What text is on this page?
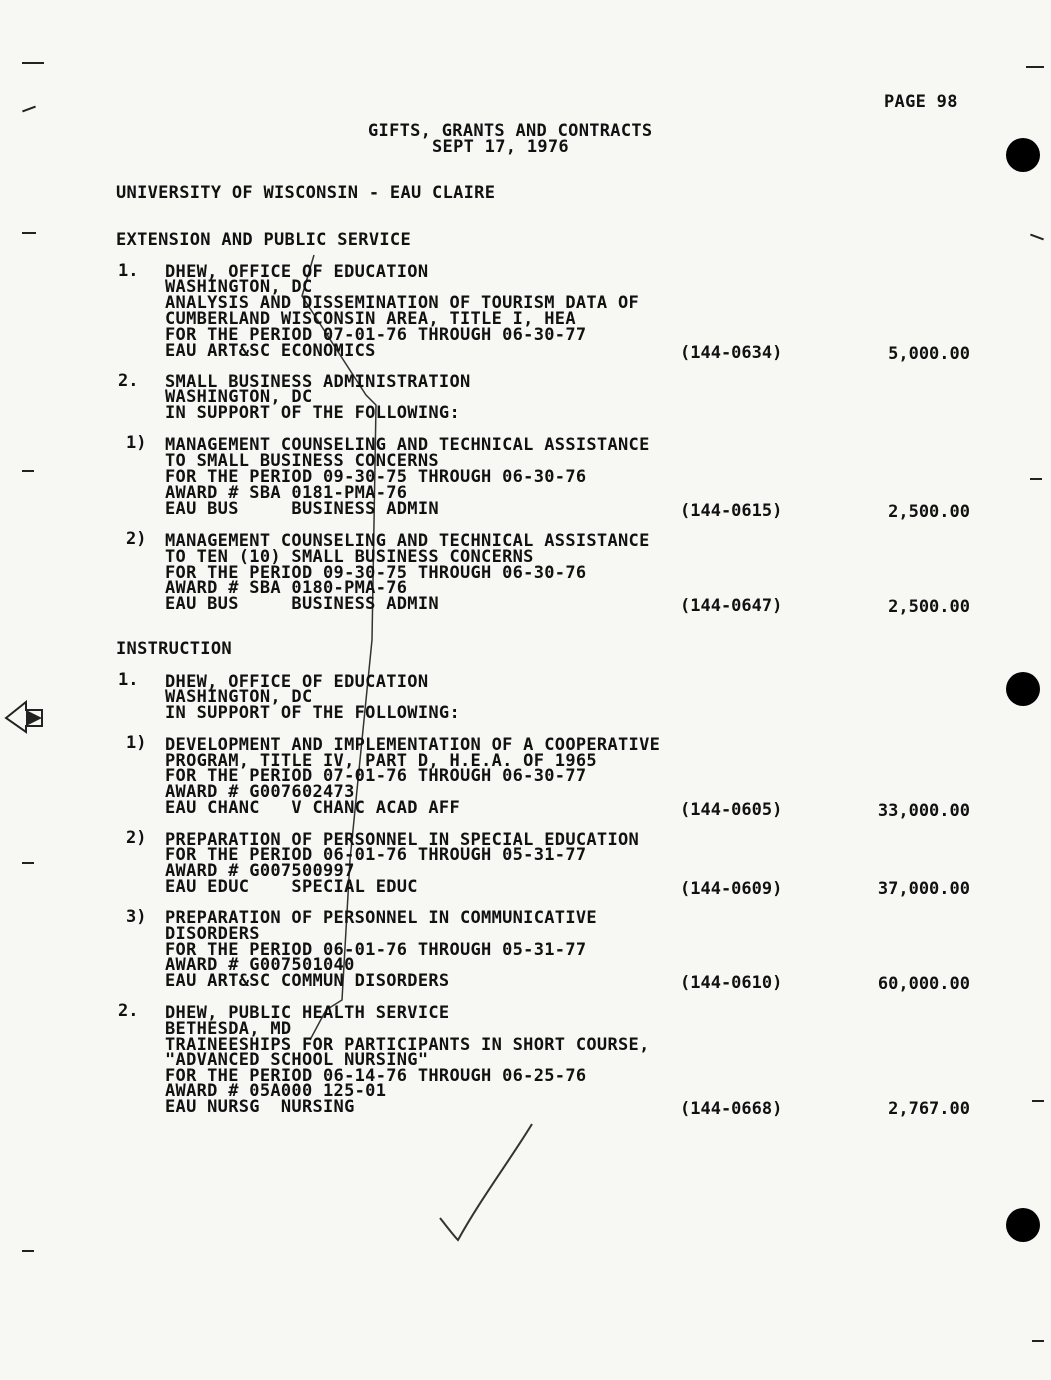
PAGE 98
GIFTS, GRANTS AND CONTRACTS
SEPT 17, 1976
UNIVERSITY OF WISCONSIN - EAU CLAIRE
EXTENSION AND PUBLIC SERVICE
1. DHEW, OFFICE OF EDUCATION
WASHINGTON, DC
ANALYSIS AND DISSEMINATION OF TOURISM DATA OF
CUMBERLAND WISCONSIN AREA, TITLE I, HEA
FOR THE PERIOD 07-01-76 THROUGH 06-30-77
EAU ART&SC ECONOMICS	(144-0634)	5,000.00
2. SMALL BUSINESS ADMINISTRATION
WASHINGTON, DC
IN SUPPORT OF THE FOLLOWING:
1) MANAGEMENT COUNSELING AND TECHNICAL ASSISTANCE
TO SMALL BUSINESS CONCERNS
FOR THE PERIOD 09-30-75 THROUGH 06-30-76
AWARD # SBA 0181-PMA-76
EAU BUS     BUSINESS ADMIN	(144-0615)	2,500.00
2) MANAGEMENT COUNSELING AND TECHNICAL ASSISTANCE
TO TEN (10) SMALL BUSINESS CONCERNS
FOR THE PERIOD 09-30-75 THROUGH 06-30-76
AWARD # SBA 0180-PMA-76
EAU BUS     BUSINESS ADMIN	(144-0647)	2,500.00
INSTRUCTION
1. DHEW, OFFICE OF EDUCATION
WASHINGTON, DC
IN SUPPORT OF THE FOLLOWING:
1) DEVELOPMENT AND IMPLEMENTATION OF A COOPERATIVE
PROGRAM, TITLE IV, PART D, H.E.A. OF 1965
FOR THE PERIOD 07-01-76 THROUGH 06-30-77
AWARD # G007602473
EAU CHANC   V CHANC ACAD AFF	(144-0605)	33,000.00
2) PREPARATION OF PERSONNEL IN SPECIAL EDUCATION
FOR THE PERIOD 06-01-76 THROUGH 05-31-77
AWARD # G007500997
EAU EDUC    SPECIAL EDUC	(144-0609)	37,000.00
3) PREPARATION OF PERSONNEL IN COMMUNICATIVE
DISORDERS
FOR THE PERIOD 06-01-76 THROUGH 05-31-77
AWARD # G007501040
EAU ART&SC COMMUN DISORDERS	(144-0610)	60,000.00
2. DHEW, PUBLIC HEALTH SERVICE
BETHESDA, MD
TRAINEESHIPS FOR PARTICIPANTS IN SHORT COURSE,
"ADVANCED SCHOOL NURSING"
FOR THE PERIOD 06-14-76 THROUGH 06-25-76
AWARD # 05A000 125-01
EAU NURSG  NURSING	(144-0668)	2,767.00
